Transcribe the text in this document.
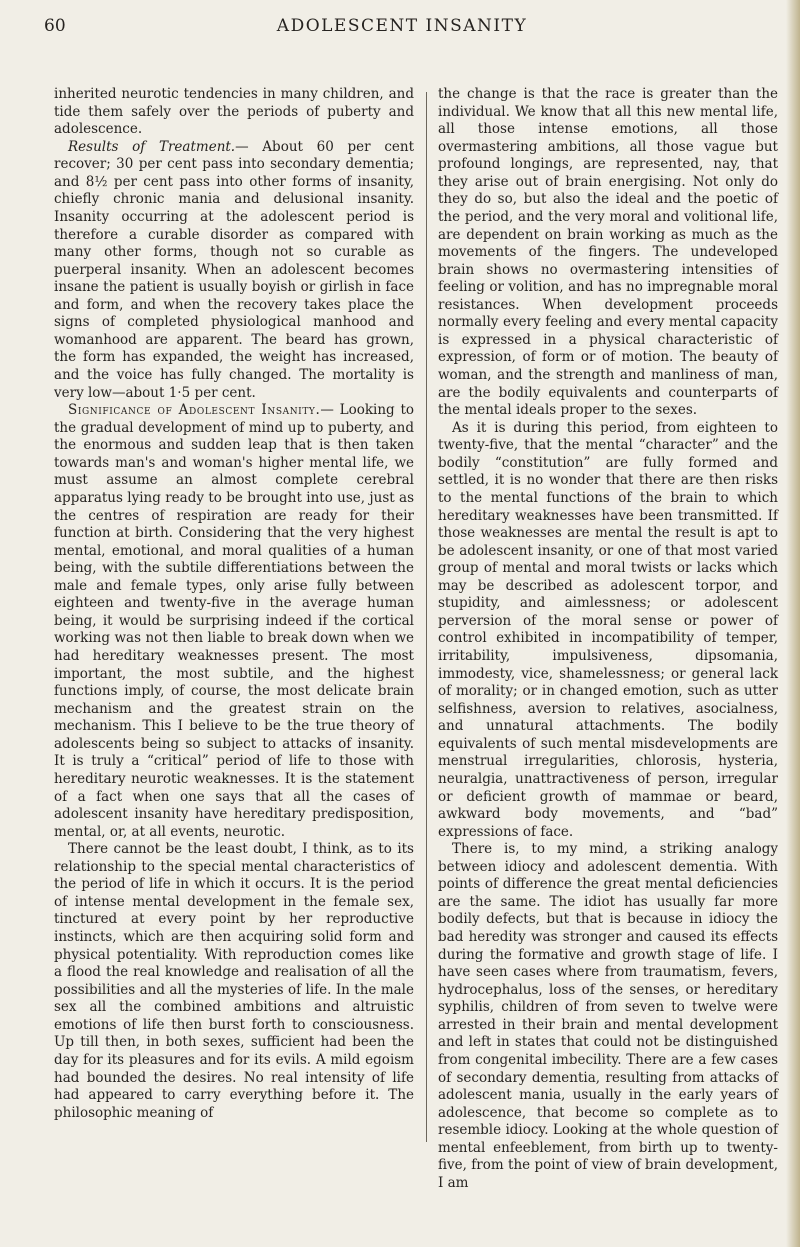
60	ADOLESCENT INSANITY

inherited neurotic tendencies in many children, and tide them safely over the periods of puberty and adolescence.

Results of Treatment.— About 60 per cent recover; 30 per cent pass into secondary dementia; and 8½ per cent pass into other forms of insanity, chiefly chronic mania and delusional insanity. Insanity occurring at the adolescent period is therefore a curable disorder as compared with many other forms, though not so curable as puerperal insanity. When an adolescent becomes insane the patient is usually boyish or girlish in face and form, and when the recovery takes place the signs of completed physiological manhood and womanhood are apparent. The beard has grown, the form has expanded, the weight has increased, and the voice has fully changed. The mortality is very low—about 1·5 per cent.

Significance of Adolescent Insanity.— Looking to the gradual development of mind up to puberty, and the enormous and sudden leap that is then taken towards man's and woman's higher mental life, we must assume an almost complete cerebral apparatus lying ready to be brought into use, just as the centres of respiration are ready for their function at birth. Considering that the very highest mental, emotional, and moral qualities of a human being, with the subtile differentiations between the male and female types, only arise fully between eighteen and twenty-five in the average human being, it would be surprising indeed if the cortical working was not then liable to break down when we had hereditary weaknesses present. The most important, the most subtile, and the highest functions imply, of course, the most delicate brain mechanism and the greatest strain on the mechanism. This I believe to be the true theory of adolescents being so subject to attacks of insanity. It is truly a “critical” period of life to those with hereditary neurotic weaknesses. It is the statement of a fact when one says that all the cases of adolescent insanity have hereditary predisposition, mental, or, at all events, neurotic.

There cannot be the least doubt, I think, as to its relationship to the special mental characteristics of the period of life in which it occurs. It is the period of intense mental development in the female sex, tinctured at every point by her reproductive instincts, which are then acquiring solid form and physical potentiality. With reproduction comes like a flood the real knowledge and realisation of all the possibilities and all the mysteries of life. In the male sex all the combined ambitions and altruistic emotions of life then burst forth to consciousness. Up till then, in both sexes, sufficient had been the day for its pleasures and for its evils. A mild egoism had bounded the desires. No real intensity of life had appeared to carry everything before it. The philosophic meaning of

the change is that the race is greater than the individual. We know that all this new mental life, all those intense emotions, all those overmastering ambitions, all those vague but profound longings, are represented, nay, that they arise out of brain energising. Not only do they do so, but also the ideal and the poetic of the period, and the very moral and volitional life, are dependent on brain working as much as the movements of the fingers. The undeveloped brain shows no overmastering intensities of feeling or volition, and has no impregnable moral resistances. When development proceeds normally every feeling and every mental capacity is expressed in a physical characteristic of expression, of form or of motion. The beauty of woman, and the strength and manliness of man, are the bodily equivalents and counterparts of the mental ideals proper to the sexes.

As it is during this period, from eighteen to twenty-five, that the mental “character” and the bodily “constitution” are fully formed and settled, it is no wonder that there are then risks to the mental functions of the brain to which hereditary weaknesses have been transmitted. If those weaknesses are mental the result is apt to be adolescent insanity, or one of that most varied group of mental and moral twists or lacks which may be described as adolescent torpor, and stupidity, and aimlessness; or adolescent perversion of the moral sense or power of control exhibited in incompatibility of temper, irritability, impulsiveness, dipsomania, immodesty, vice, shamelessness; or general lack of morality; or in changed emotion, such as utter selfishness, aversion to relatives, asocialness, and unnatural attachments. The bodily equivalents of such mental misdevelopments are menstrual irregularities, chlorosis, hysteria, neuralgia, unattractiveness of person, irregular or deficient growth of mammae or beard, awkward body movements, and “bad” expressions of face.

There is, to my mind, a striking analogy between idiocy and adolescent dementia. With points of difference the great mental deficiencies are the same. The idiot has usually far more bodily defects, but that is because in idiocy the bad heredity was stronger and caused its effects during the formative and growth stage of life. I have seen cases where from traumatism, fevers, hydrocephalus, loss of the senses, or hereditary syphilis, children of from seven to twelve were arrested in their brain and mental development and left in states that could not be distinguished from congenital imbecility. There are a few cases of secondary dementia, resulting from attacks of adolescent mania, usually in the early years of adolescence, that become so complete as to resemble idiocy. Looking at the whole question of mental enfeeblement, from birth up to twenty-five, from the point of view of brain development, I am
